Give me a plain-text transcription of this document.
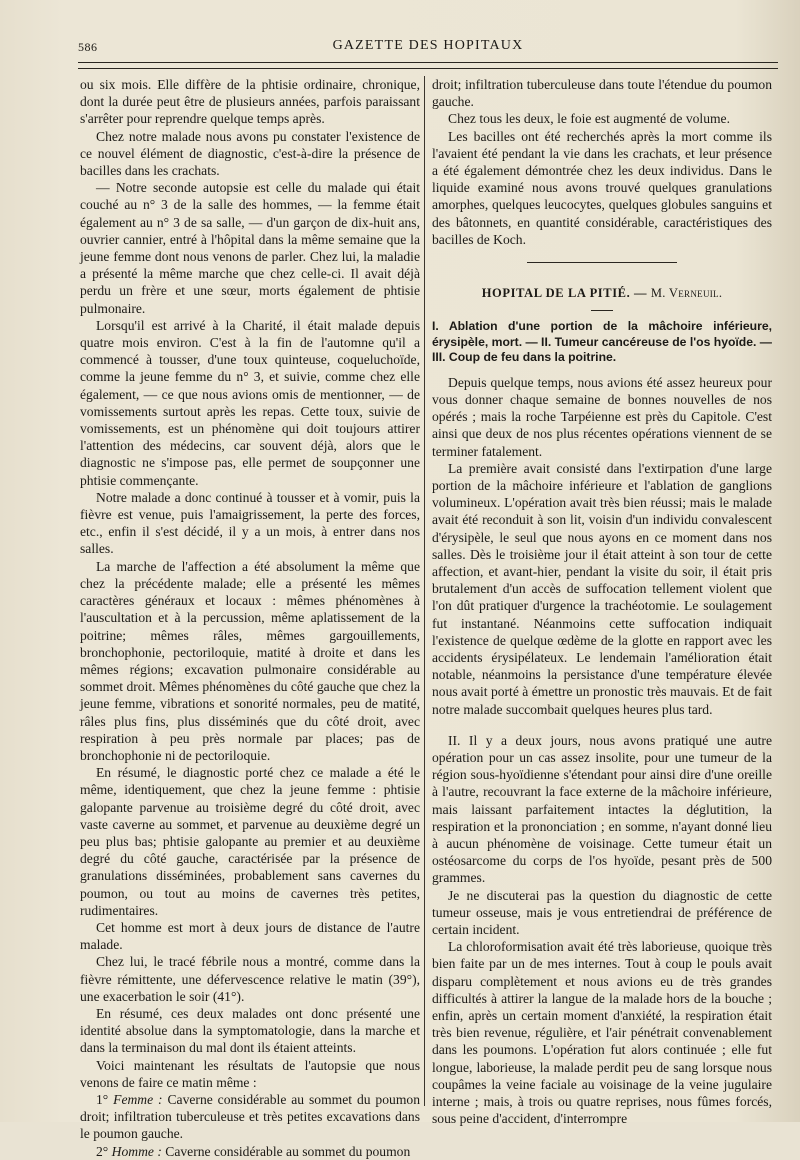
586	GAZETTE DES HOPITAUX

ou six mois. Elle diffère de la phtisie ordinaire, chronique, dont la durée peut être de plusieurs années, parfois paraissant s'arrêter pour reprendre quelque temps après.

Chez notre malade nous avons pu constater l'existence de ce nouvel élément de diagnostic, c'est-à-dire la présence de bacilles dans les crachats.

— Notre seconde autopsie est celle du malade qui était couché au n° 3 de la salle des hommes, — la femme était également au n° 3 de sa salle, — d'un garçon de dix-huit ans, ouvrier cannier, entré à l'hôpital dans la même semaine que la jeune femme dont nous venons de parler. Chez lui, la maladie a présenté la même marche que chez celle-ci. Il avait déjà perdu un frère et une sœur, morts également de phtisie pulmonaire.

Lorsqu'il est arrivé à la Charité, il était malade depuis quatre mois environ. C'est à la fin de l'automne qu'il a commencé à tousser, d'une toux quinteuse, coqueluchoïde, comme la jeune femme du n° 3, et suivie, comme chez elle également, — ce que nous avions omis de mentionner, — de vomissements surtout après les repas. Cette toux, suivie de vomissements, est un phénomène qui doit toujours attirer l'attention des médecins, car souvent déjà, alors que le diagnostic ne s'impose pas, elle permet de soupçonner une phtisie commençante.

Notre malade a donc continué à tousser et à vomir, puis la fièvre est venue, puis l'amaigrissement, la perte des forces, etc., enfin il s'est décidé, il y a un mois, à entrer dans nos salles.

La marche de l'affection a été absolument la même que chez la précédente malade; elle a présenté les mêmes caractères généraux et locaux : mêmes phénomènes à l'auscultation et à la percussion, même aplatissement de la poitrine; mêmes râles, mêmes gargouillements, bronchophonie, pectoriloquie, matité à droite et dans les mêmes régions; excavation pulmonaire considérable au sommet droit. Mêmes phénomènes du côté gauche que chez la jeune femme, vibrations et sonorité normales, peu de matité, râles plus fins, plus disséminés que du côté droit, avec respiration à peu près normale par places; pas de bronchophonie ni de pectoriloquie.

En résumé, le diagnostic porté chez ce malade a été le même, identiquement, que chez la jeune femme : phtisie galopante parvenue au troisième degré du côté droit, avec vaste caverne au sommet, et parvenue au deuxième degré un peu plus bas; phtisie galopante au premier et au deuxième degré du côté gauche, caractérisée par la présence de granulations disséminées, probablement sans cavernes du poumon, ou tout au moins de cavernes très petites, rudimentaires.

Cet homme est mort à deux jours de distance de l'autre malade.

Chez lui, le tracé fébrile nous a montré, comme dans la fièvre rémittente, une défervescence relative le matin (39°), une exacerbation le soir (41°).

En résumé, ces deux malades ont donc présenté une identité absolue dans la symptomatologie, dans la marche et dans la terminaison du mal dont ils étaient atteints.

Voici maintenant les résultats de l'autopsie que nous venons de faire ce matin même :

1° Femme : Caverne considérable au sommet du poumon droit; infiltration tuberculeuse et très petites excavations dans le poumon gauche.

2° Homme : Caverne considérable au sommet du poumon

droit; infiltration tuberculeuse dans toute l'étendue du poumon gauche.

Chez tous les deux, le foie est augmenté de volume.

Les bacilles ont été recherchés après la mort comme ils l'avaient été pendant la vie dans les crachats, et leur présence a été également démontrée chez les deux individus. Dans le liquide examiné nous avons trouvé quelques granulations amorphes, quelques leucocytes, quelques globules sanguins et des bâtonnets, en quantité considérable, caractéristiques des bacilles de Koch.

HOPITAL DE LA PITIÉ. — M. Verneuil.

I. Ablation d'une portion de la mâchoire inférieure, érysipèle, mort. — II. Tumeur cancéreuse de l'os hyoïde. — III. Coup de feu dans la poitrine.

Depuis quelque temps, nous avions été assez heureux pour vous donner chaque semaine de bonnes nouvelles de nos opérés ; mais la roche Tarpéienne est près du Capitole. C'est ainsi que deux de nos plus récentes opérations viennent de se terminer fatalement.

La première avait consisté dans l'extirpation d'une large portion de la mâchoire inférieure et l'ablation de ganglions volumineux. L'opération avait très bien réussi; mais le malade avait été reconduit à son lit, voisin d'un individu convalescent d'érysipèle, le seul que nous ayons en ce moment dans nos salles. Dès le troisième jour il était atteint à son tour de cette affection, et avant-hier, pendant la visite du soir, il était pris brutalement d'un accès de suffocation tellement violent que l'on dût pratiquer d'urgence la trachéotomie. Le soulagement fut instantané. Néanmoins cette suffocation indiquait l'existence de quelque œdème de la glotte en rapport avec les accidents érysipélateux. Le lendemain l'amélioration était notable, néanmoins la persistance d'une température élevée nous avait porté à émettre un pronostic très mauvais. Et de fait notre malade succombait quelques heures plus tard.

II. Il y a deux jours, nous avons pratiqué une autre opération pour un cas assez insolite, pour une tumeur de la région sous-hyoïdienne s'étendant pour ainsi dire d'une oreille à l'autre, recouvrant la face externe de la mâchoire inférieure, mais laissant parfaitement intactes la déglutition, la respiration et la prononciation ; en somme, n'ayant donné lieu à aucun phénomène de voisinage. Cette tumeur était un ostéosarcome du corps de l'os hyoïde, pesant près de 500 grammes.

Je ne discuterai pas la question du diagnostic de cette tumeur osseuse, mais je vous entretiendrai de préférence de certain incident.

La chloroformisation avait été très laborieuse, quoique très bien faite par un de mes internes. Tout à coup le pouls avait disparu complètement et nous avions eu de très grandes difficultés à attirer la langue de la malade hors de la bouche ; enfin, après un certain moment d'anxiété, la respiration était très bien revenue, régulière, et l'air pénétrait convenablement dans les poumons. L'opération fut alors continuée ; elle fut longue, laborieuse, la malade perdit peu de sang lorsque nous coupâmes la veine faciale au voisinage de la veine jugulaire interne ; mais, à trois ou quatre reprises, nous fûmes forcés, sous peine d'accident, d'interrompre
